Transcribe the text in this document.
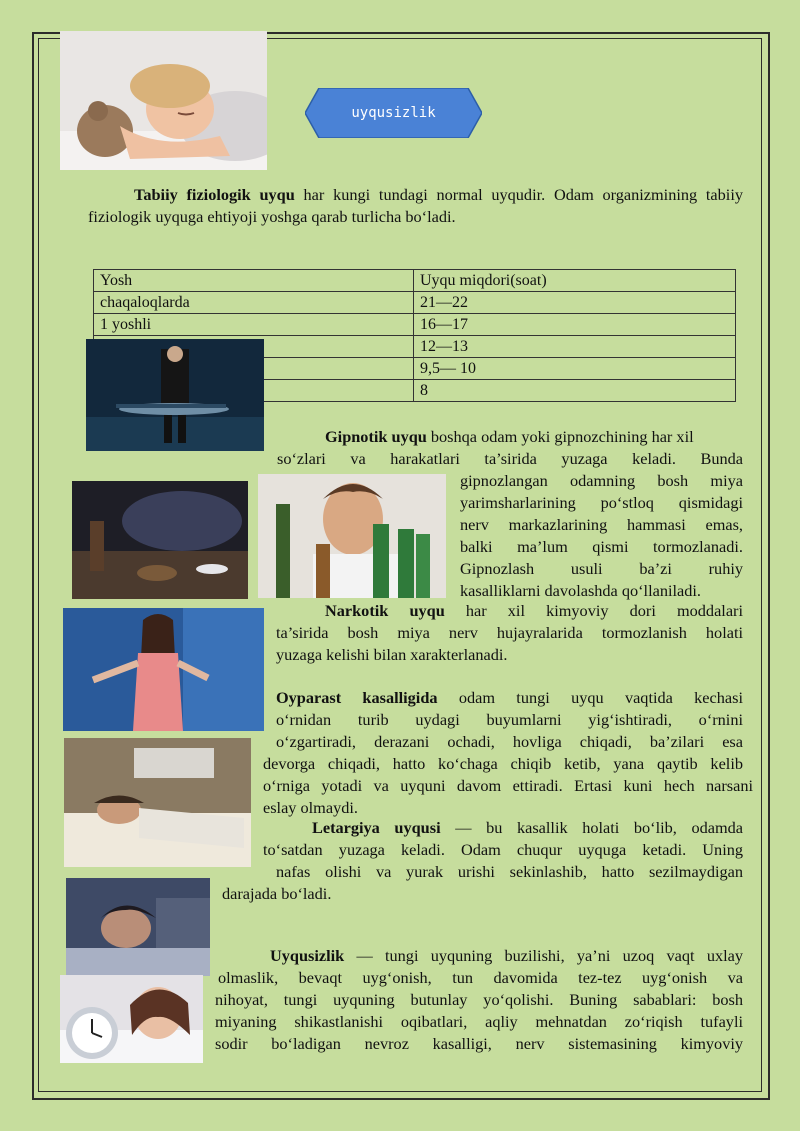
uyqusizlik

Tabiiy fiziologik uyqu har kungi tundagi normal uyqudir. Odam organizmining tabiiy fiziologik uyquga ehtiyoji yoshga qarab turlicha bo‘ladi.

Yosh	Uyqu miqdori(soat)
chaqaloqlarda	21—22
1 yoshli	16—17
	12—13
	9,5— 10
	8

Gipnotik uyqu boshqa odam yoki gipnozchining har xil

so‘zlari va harakatlari ta’sirida yuzaga keladi. Bunda

gipnozlangan odamning bosh miya

yarimsharlarining po‘stloq qismidagi

nerv markazlarining hammasi emas,

balki ma’lum qismi tormozlanadi.

Gipnozlash usuli ba’zi ruhiy

kasalliklarni davolashda qo‘llaniladi.

Narkotik uyqu har xil kimyoviy dori moddalari

ta’sirida bosh miya nerv hujayralarida tormozlanish holati

yuzaga kelishi bilan xarakterlanadi.

Oyparast kasalligida odam tungi uyqu vaqtida kechasi

o‘rnidan turib uydagi buyumlarni yig‘ishtiradi, o‘rnini

o‘zgartiradi, derazani ochadi, hovliga chiqadi, ba’zilari esa

devorga chiqadi, hatto ko‘chaga chiqib ketib, yana qaytib kelib

o‘rniga yotadi va uyquni davom ettiradi. Ertasi kuni hech narsani

eslay olmaydi.

Letargiya uyqusi — bu kasallik holati bo‘lib, odamda

to‘satdan yuzaga keladi. Odam chuqur uyquga ketadi. Uning

nafas olishi va yurak urishi sekinlashib, hatto sezilmaydigan

darajada bo‘ladi.

Uyqusizlik — tungi uyquning buzilishi, ya’ni uzoq vaqt uxlay

olmaslik, bevaqt uyg‘onish, tun davomida tez-tez uyg‘onish va

nihoyat, tungi uyquning butunlay yo‘qolishi. Buning sabablari: bosh

miyaning shikastlanishi oqibatlari, aqliy mehnatdan zo‘riqish tufayli

sodir bo‘ladigan nevroz kasalligi, nerv sistemasining kimyoviy
